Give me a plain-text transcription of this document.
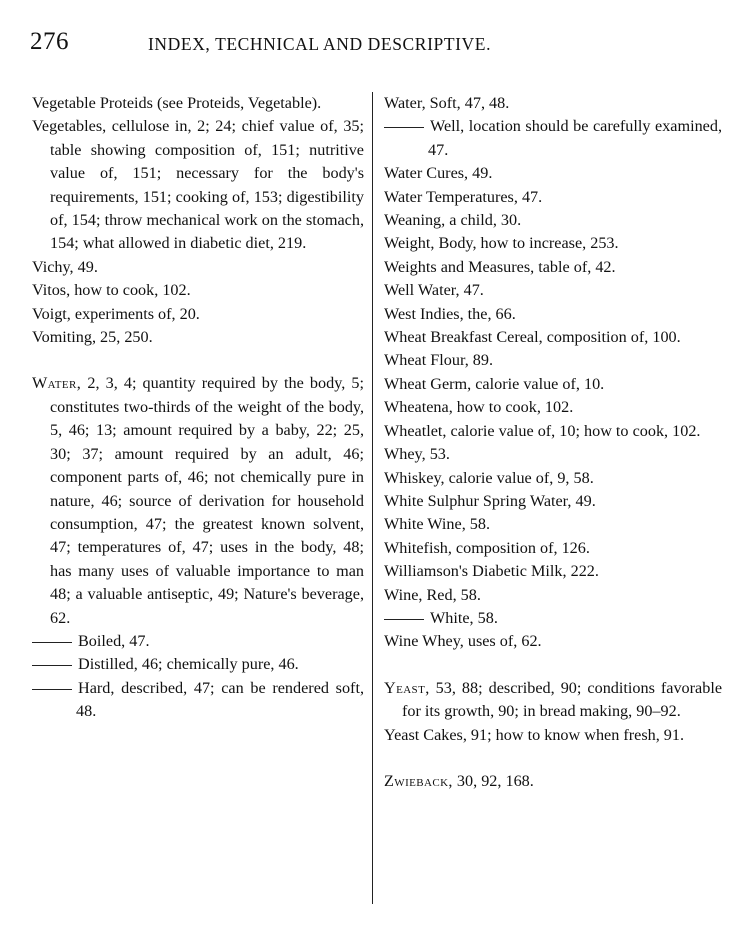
276	INDEX, TECHNICAL AND DESCRIPTIVE.
Vegetable Proteids (see Proteids, Vegetable).
Vegetables, cellulose in, 2; 24; chief value of, 35; table showing composition of, 151; nutritive value of, 151; necessary for the body's requirements, 151; cooking of, 153; digestibility of, 154; throw mechanical work on the stomach, 154; what allowed in diabetic diet, 219.
Vichy, 49.
Vitos, how to cook, 102.
Voigt, experiments of, 20.
Vomiting, 25, 250.
Water, 2, 3, 4; quantity required by the body, 5; constitutes two-thirds of the weight of the body, 5, 46; 13; amount required by a baby, 22; 25, 30; 37; amount required by an adult, 46; component parts of, 46; not chemically pure in nature, 46; source of derivation for household consumption, 47; the greatest known solvent, 47; temperatures of, 47; uses in the body, 48; has many uses of valuable importance to man 48; a valuable antiseptic, 49; Nature's beverage, 62.
Boiled, 47.
Distilled, 46; chemically pure, 46.
Hard, described, 47; can be rendered soft, 48.
Water, Soft, 47, 48.
Well, location should be carefully examined, 47.
Water Cures, 49.
Water Temperatures, 47.
Weaning, a child, 30.
Weight, Body, how to increase, 253.
Weights and Measures, table of, 42.
Well Water, 47.
West Indies, the, 66.
Wheat Breakfast Cereal, composition of, 100.
Wheat Flour, 89.
Wheat Germ, calorie value of, 10.
Wheatena, how to cook, 102.
Wheatlet, calorie value of, 10; how to cook, 102.
Whey, 53.
Whiskey, calorie value of, 9, 58.
White Sulphur Spring Water, 49.
White Wine, 58.
Whitefish, composition of, 126.
Williamson's Diabetic Milk, 222.
Wine, Red, 58.
White, 58.
Wine Whey, uses of, 62.
Yeast, 53, 88; described, 90; conditions favorable for its growth, 90; in bread making, 90–92.
Yeast Cakes, 91; how to know when fresh, 91.
Zwieback, 30, 92, 168.
